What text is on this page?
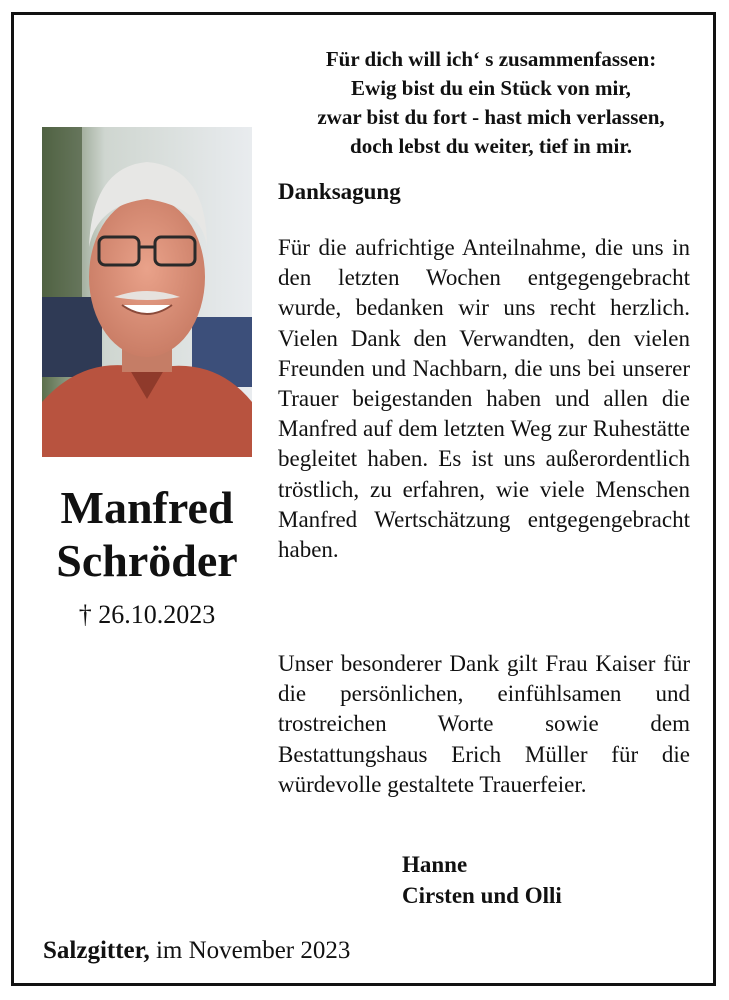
Für dich will ich‘ s zusammenfassen:
Ewig bist du ein Stück von mir,
zwar bist du fort - hast mich verlassen,
doch lebst du weiter, tief in mir.
Manfred
Schröder
† 26.10.2023
Danksagung
Für die aufrichtige Anteilnahme, die uns in den letzten Wochen entgegengebracht wurde, bedanken wir uns recht herzlich. Vielen Dank den Verwandten, den vielen Freunden und Nachbarn, die uns bei unserer Trauer beigestanden haben und allen die Manfred auf dem letzten Weg zur Ruhestätte begleitet haben. Es ist uns außerordentlich tröstlich, zu erfahren, wie viele Menschen Manfred Wertschätzung entgegengebracht haben.
Unser besonderer Dank gilt Frau Kaiser für die persönlichen, einfühlsamen und trostreichen Worte sowie dem Bestattungshaus Erich Müller für die würdevolle gestaltete Trauerfeier.
Hanne
Cirsten und Olli
Salzgitter, im November 2023
